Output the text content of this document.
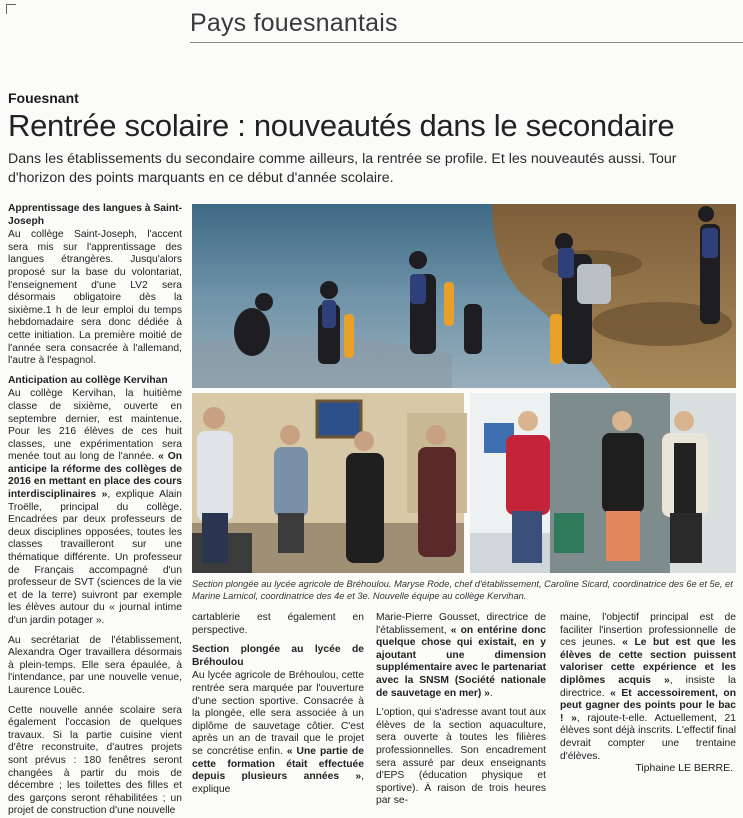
Pays fouesnantais
Fouesnant
Rentrée scolaire : nouveautés dans le secondaire
Dans les établissements du secondaire comme ailleurs, la rentrée se profile. Et les nouveautés aussi. Tour d'horizon des points marquants en ce début d'année scolaire.

Apprentissage des langues à Saint-Joseph

Au collège Saint-Joseph, l'accent sera mis sur l'apprentissage des langues étrangères. Jusqu'alors proposé sur la base du volontariat, l'enseignement d'une LV2 sera désormais obligatoire dès la sixième.1 h de leur emploi du temps hebdomadaire sera donc dédiée à cette initiation. La première moitié de l'année sera consacrée à l'allemand, l'autre à l'espagnol.

Anticipation au collège Kervihan

Au collège Kervihan, la huitième classe de sixième, ouverte en septembre dernier, est maintenue. Pour les 216 élèves de ces huit classes, une expérimentation sera menée tout au long de l'année. « On anticipe la réforme des collèges de 2016 en mettant en place des cours interdisciplinaires », explique Alain Troëlle, principal du collège. Encadrées par deux professeurs de deux disciplines opposées, toutes les classes travailleront sur une thématique différente. Un professeur de Français accompagné d'un professeur de SVT (sciences de la vie et de la terre) suivront par exemple les élèves autour du « journal intime d'un jardin potager ».

Au secrétariat de l'établissement, Alexandra Oger travaillera désormais à plein-temps. Elle sera épaulée, à l'intendance, par une nouvelle venue, Laurence Louëc.

Cette nouvelle année scolaire sera également l'occasion de quelques travaux. Si la partie cuisine vient d'être reconstruite, d'autres projets sont prévus : 180 fenêtres seront changées à partir du mois de décembre ; les toilettes des filles et des garçons seront réhabilitées ; un projet de construction d'une nouvelle

Section plongée au lycée agricole de Bréhoulou. Maryse Rode, chef d'établissement, Caroline Sicard, coordinatrice des 6e et 5e, et Marine Larnicol, coordinatrice des 4e et 3e. Nouvelle équipe au collège Kervihan.

cartablerie est également en perspective.

Section plongée au lycée de Bréhoulou

Au lycée agricole de Bréhoulou, cette rentrée sera marquée par l'ouverture d'une section sportive. Consacrée à la plongée, elle sera associée à un diplôme de sauvetage côtier. C'est après un an de travail que le projet se concrétise enfin. « Une partie de cette formation était effectuée depuis plusieurs années », explique

Marie-Pierre Gousset, directrice de l'établissement, « on entérine donc quelque chose qui existait, en y ajoutant une dimension supplémentaire avec le partenariat avec la SNSM (Société nationale de sauvetage en mer) ».

L'option, qui s'adresse avant tout aux élèves de la section aquaculture, sera ouverte à toutes les filières professionnelles. Son encadrement sera assuré par deux enseignants d'EPS (éducation physique et sportive). À raison de trois heures par se-

maine, l'objectif principal est de faciliter l'insertion professionnelle de ces jeunes. « Le but est que les élèves de cette section puissent valoriser cette expérience et les diplômes acquis », insiste la directrice. « Et accessoirement, on peut gagner des points pour le bac ! », rajoute-t-elle. Actuellement, 21 élèves sont déjà inscrits. L'effectif final devrait compter une trentaine d'élèves.

Tiphaine LE BERRE.
